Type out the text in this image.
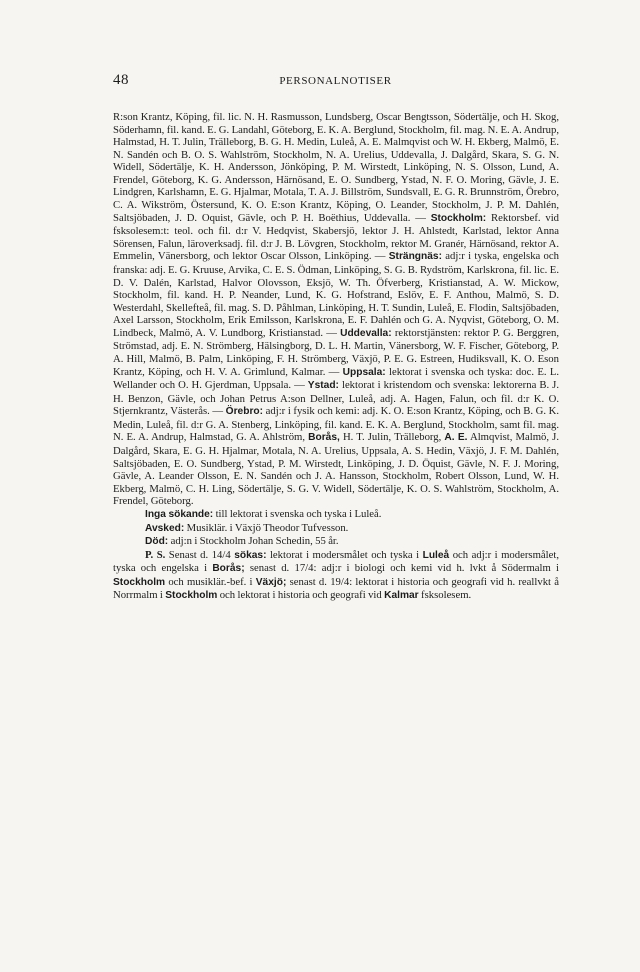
48	PERSONALNOTISER

R:son Krantz, Köping, fil. lic. N. H. Rasmusson, Lundsberg, Oscar Bengtsson, Södertälje, och H. Skog, Söderhamn, fil. kand. E. G. Landahl, Göteborg, E. K. A. Berglund, Stockholm, fil. mag. N. E. A. Andrup, Halmstad, H. T. Julin, Trälleborg, B. G. H. Medin, Luleå, A. E. Malmqvist och W. H. Ekberg, Malmö, E. N. Sandén och B. O. S. Wahlström, Stockholm, N. A. Urelius, Uddevalla, J. Dalgård, Skara, S. G. N. Widell, Södertälje, K. H. Andersson, Jönköping, P. M. Wirstedt, Linköping, N. S. Olsson, Lund, A. Frendel, Göteborg, K. G. Andersson, Härnösand, E. O. Sundberg, Ystad, N. F. O. Moring, Gävle, J. E. Lindgren, Karlshamn, E. G. Hjalmar, Motala, T. A. J. Billström, Sundsvall, E. G. R. Brunnström, Örebro, C. A. Wikström, Östersund, K. O. E:son Krantz, Köping, O. Leander, Stockholm, J. P. M. Dahlén, Saltsjöbaden, J. D. Oquist, Gävle, och P. H. Boëthius, Uddevalla. — Stockholm: Rektorsbef. vid fsksolesem:t: teol. och fil. d:r V. Hedqvist, Skabersjö, lektor J. H. Ahlstedt, Karlstad, lektor Anna Sörensen, Falun, läroverksadj. fil. d:r J. B. Lövgren, Stockholm, rektor M. Granér, Härnösand, rektor A. Emmelin, Vänersborg, och lektor Oscar Olsson, Linköping. — Strängnäs: adj:r i tyska, engelska och franska: adj. E. G. Kruuse, Arvika, C. E. S. Ödman, Linköping, S. G. B. Rydström, Karlskrona, fil. lic. E. D. V. Dalén, Karlstad, Halvor Olovsson, Eksjö, W. Th. Öfverberg, Kristianstad, A. W. Mickow, Stockholm, fil. kand. H. P. Neander, Lund, K. G. Hofstrand, Eslöv, E. F. Anthou, Malmö, S. D. Westerdahl, Skellefteå, fil. mag. S. D. Påhlman, Linköping, H. T. Sundin, Luleå, E. Flodin, Saltsjöbaden, Axel Larsson, Stockholm, Erik Emilsson, Karlskrona, E. F. Dahlén och G. A. Nyqvist, Göteborg, O. M. Lindbeck, Malmö, A. V. Lundborg, Kristianstad. — Uddevalla: rektorstjänsten: rektor P. G. Berggren, Strömstad, adj. E. N. Strömberg, Hälsingborg, D. L. H. Martin, Vänersborg, W. F. Fischer, Göteborg, P. A. Hill, Malmö, B. Palm, Linköping, F. H. Strömberg, Växjö, P. E. G. Estreen, Hudiksvall, K. O. Eson Krantz, Köping, och H. V. A. Grimlund, Kalmar. — Uppsala: lektorat i svenska och tyska: doc. E. L. Wellander och O. H. Gjerdman, Uppsala. — Ystad: lektorat i kristendom och svenska: lektorerna B. J. H. Benzon, Gävle, och Johan Petrus A:son Dellner, Luleå, adj. A. Hagen, Falun, och fil. d:r K. O. Stjernkrantz, Västerås. — Örebro: adj:r i fysik och kemi: adj. K. O. E:son Krantz, Köping, och B. G. K. Medin, Luleå, fil. d:r G. A. Stenberg, Linköping, fil. kand. E. K. A. Berglund, Stockholm, samt fil. mag. N. E. A. Andrup, Halmstad, G. A. Ahlström, Borås, H. T. Julin, Trälleborg, A. E. Almqvist, Malmö, J. Dalgård, Skara, E. G. H. Hjalmar, Motala, N. A. Urelius, Uppsala, A. S. Hedin, Växjö, J. F. M. Dahlén, Saltsjöbaden, E. O. Sundberg, Ystad, P. M. Wirstedt, Linköping, J. D. Öquist, Gävle, N. F. J. Moring, Gävle, A. Leander Olsson, E. N. Sandén och J. A. Hansson, Stockholm, Robert Olsson, Lund, W. H. Ekberg, Malmö, C. H. Ling, Södertälje, S. G. V. Widell, Södertälje, K. O. S. Wahlström, Stockholm, A. Frendel, Göteborg.

Inga sökande: till lektorat i svenska och tyska i Luleå.

Avsked: Musiklär. i Växjö Theodor Tufvesson.

Död: adj:n i Stockholm Johan Schedin, 55 år.

P. S. Senast d. 14/4 sökas: lektorat i modersmålet och tyska i Luleå och adj:r i modersmålet, tyska och engelska i Borås; senast d. 17/4: adj:r i biologi och kemi vid h. lvkt å Södermalm i Stockholm och musiklär.-bef. i Växjö; senast d. 19/4: lektorat i historia och geografi vid h. reallvkt å Norrmalm i Stockholm och lektorat i historia och geografi vid Kalmar fsksolesem.
